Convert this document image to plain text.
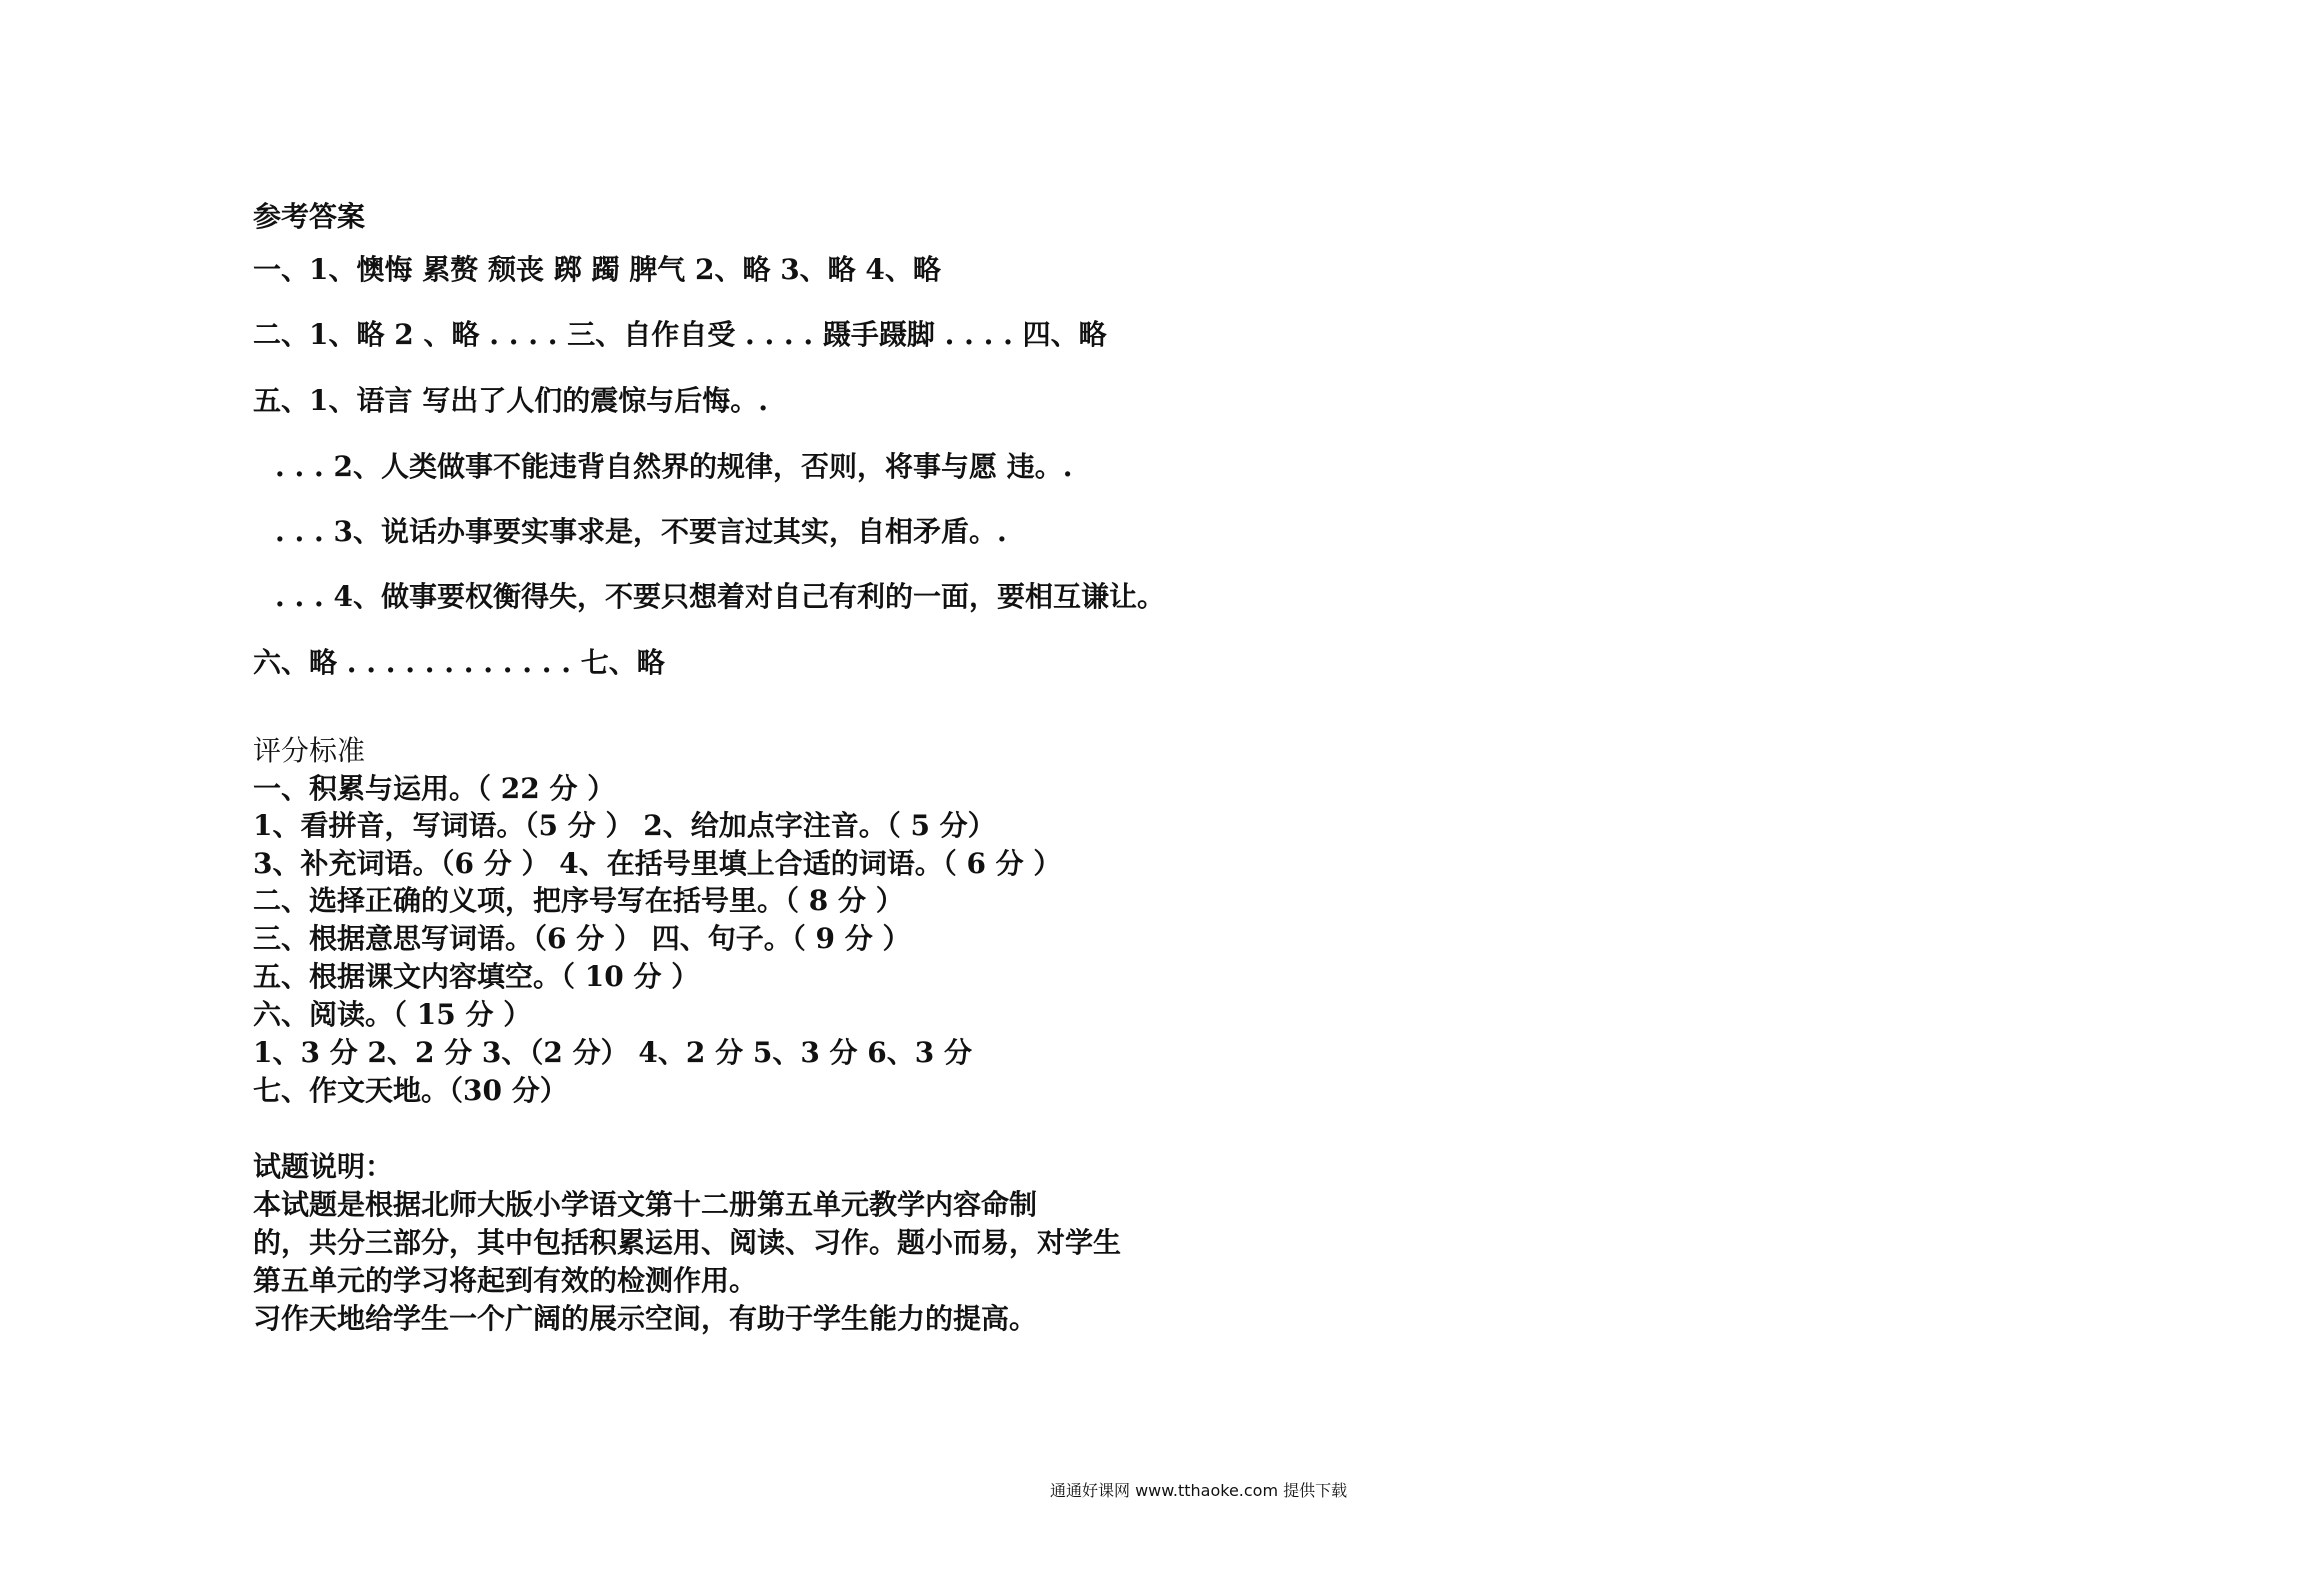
参考答案
一、1、懊悔 累赘 颓丧 踯 躅 脾气 2、略 3、略 4、略
二、1、略 2 、略 . . . . 三、自作自受 . . . . 蹑手蹑脚 . . . . 四、略
五、1、语言 写出了人们的震惊与后悔。.
. . . 2、人类做事不能违背自然界的规律，否则，将事与愿 违。.
. . . 3、说话办事要实事求是，不要言过其实，自相矛盾。.
. . . 4、做事要权衡得失，不要只想着对自己有利的一面，要相互谦让。
六、略 . . . . . . . . . . . . 七、略
评分标准
一、积累与运用。（ 22 分 ）
1、看拼音，写词语。（5 分 ） 2、给加点字注音。（ 5 分）
3、补充词语。（6 分 ） 4、在括号里填上合适的词语。（ 6 分 ）
二、选择正确的义项，把序号写在括号里。（ 8 分 ）
三、根据意思写词语。（6 分 ） 四、句子。（ 9 分 ）
五、根据课文内容填空。（ 10 分 ）
六、阅读。（ 15 分 ）
1、3 分 2、2 分 3、（2 分） 4、2 分 5、3 分 6、3 分
七、作文天地。（30 分）
试题说明：
本试题是根据北师大版小学语文第十二册第五单元教学内容命制
的，共分三部分，其中包括积累运用、阅读、习作。题小而易，对学生
第五单元的学习将起到有效的检测作用。
习作天地给学生一个广阔的展示空间，有助于学生能力的提高。
通通好课网 www.tthaoke.com 提供下载
